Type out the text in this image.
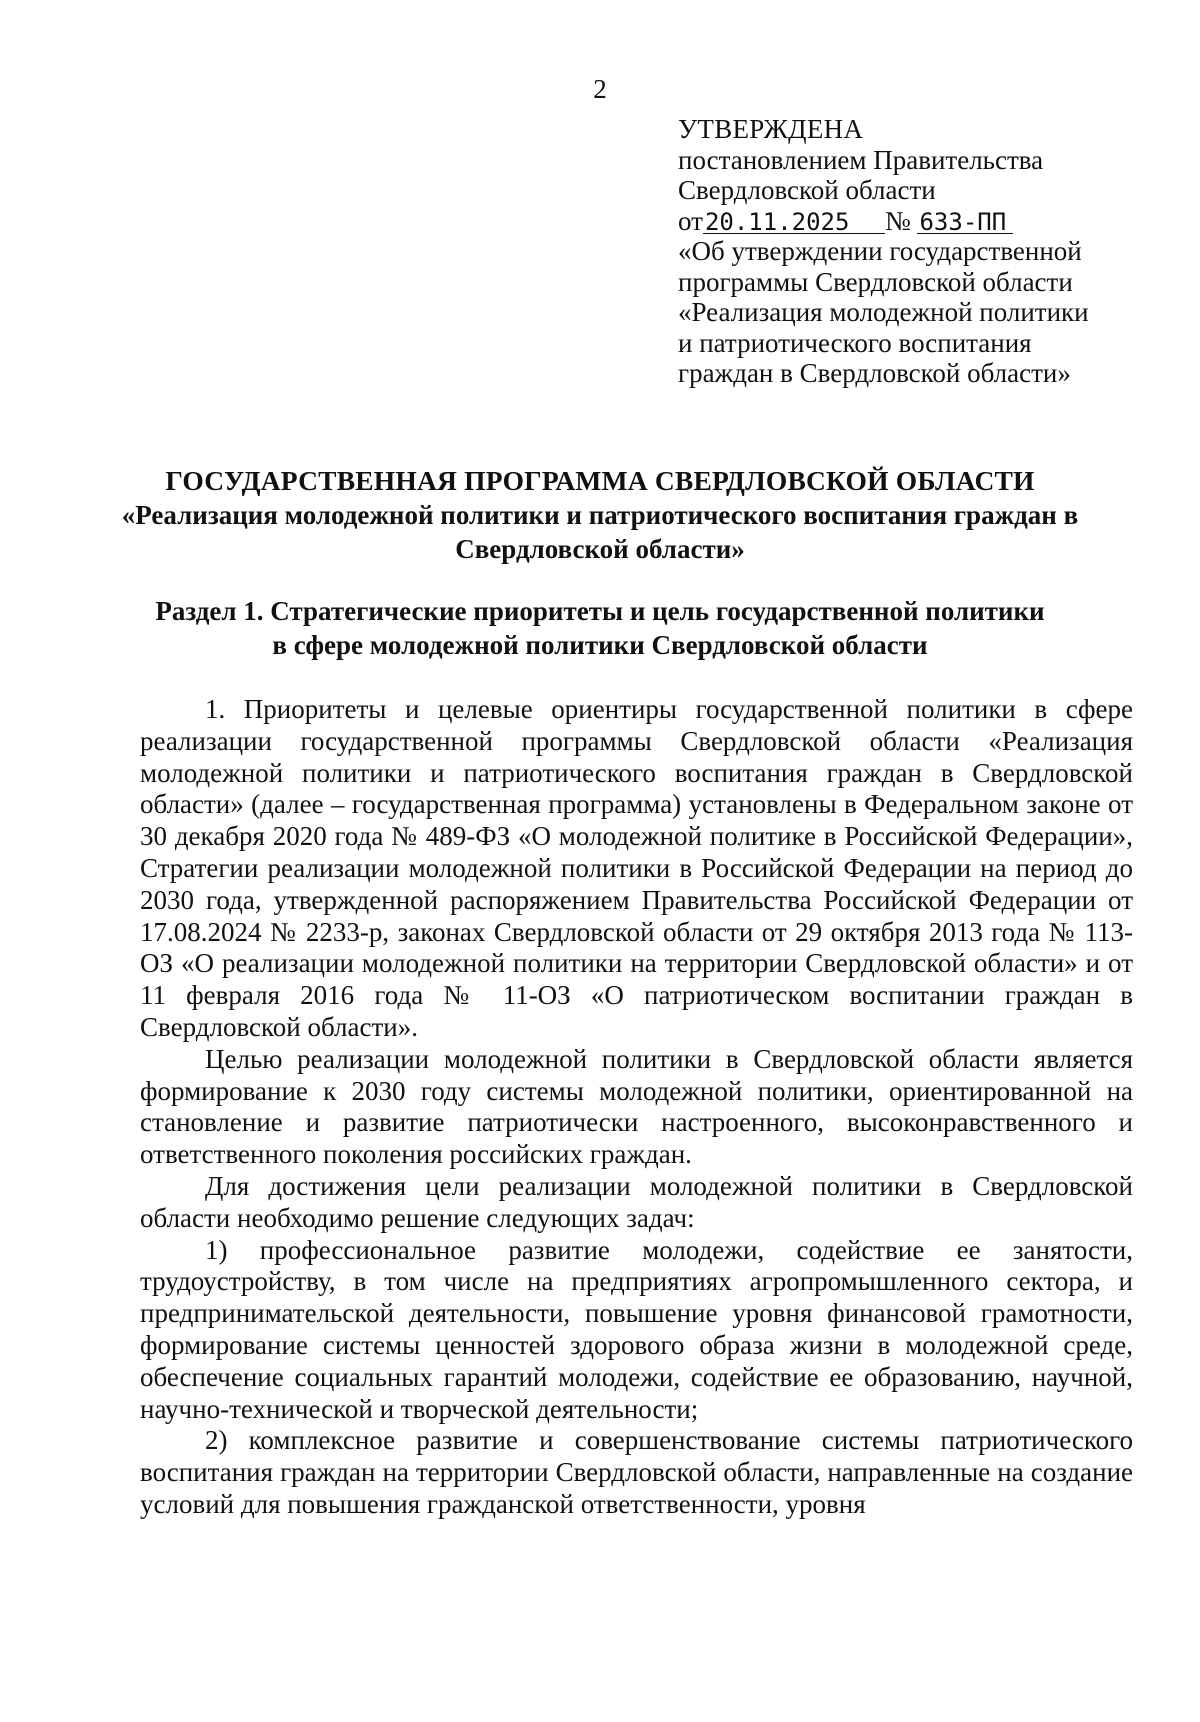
2
УТВЕРЖДЕНА
постановлением Правительства
Свердловской области
от20.11.2025 № 633-ПП
«Об утверждении государственной
программы Свердловской области
«Реализация молодежной политики
и патриотического воспитания
граждан в Свердловской области»
ГОСУДАРСТВЕННАЯ ПРОГРАММА СВЕРДЛОВСКОЙ ОБЛАСТИ
«Реализация молодежной политики и патриотического воспитания граждан в Свердловской области»
Раздел 1. Стратегические приоритеты и цель государственной политики в сфере молодежной политики Свердловской области

1. Приоритеты и целевые ориентиры государственной политики в сфере реализации государственной программы Свердловской области «Реализация молодежной политики и патриотического воспитания граждан в Свердловской области» (далее – государственная программа) установлены в Федеральном законе от 30 декабря 2020 года № 489-ФЗ «О молодежной политике в Российской Федерации», Стратегии реализации молодежной политики в Российской Федерации на период до 2030 года, утвержденной распоряжением Правительства Российской Федерации от 17.08.2024 № 2233-р, законах Свердловской области от 29 октября 2013 года № 113-ОЗ «О реализации молодежной политики на территории Свердловской области» и от 11 февраля 2016 года № 11-ОЗ «О патриотическом воспитании граждан в Свердловской области».

Целью реализации молодежной политики в Свердловской области является формирование к 2030 году системы молодежной политики, ориентированной на становление и развитие патриотически настроенного, высоконравственного и ответственного поколения российских граждан.

Для достижения цели реализации молодежной политики в Свердловской области необходимо решение следующих задач:

1) профессиональное развитие молодежи, содействие ее занятости, трудоустройству, в том числе на предприятиях агропромышленного сектора, и предпринимательской деятельности, повышение уровня финансовой грамотности, формирование системы ценностей здорового образа жизни в молодежной среде, обеспечение социальных гарантий молодежи, содействие ее образованию, научной, научно-технической и творческой деятельности;

2) комплексное развитие и совершенствование системы патриотического воспитания граждан на территории Свердловской области, направленные на создание условий для повышения гражданской ответственности, уровня
